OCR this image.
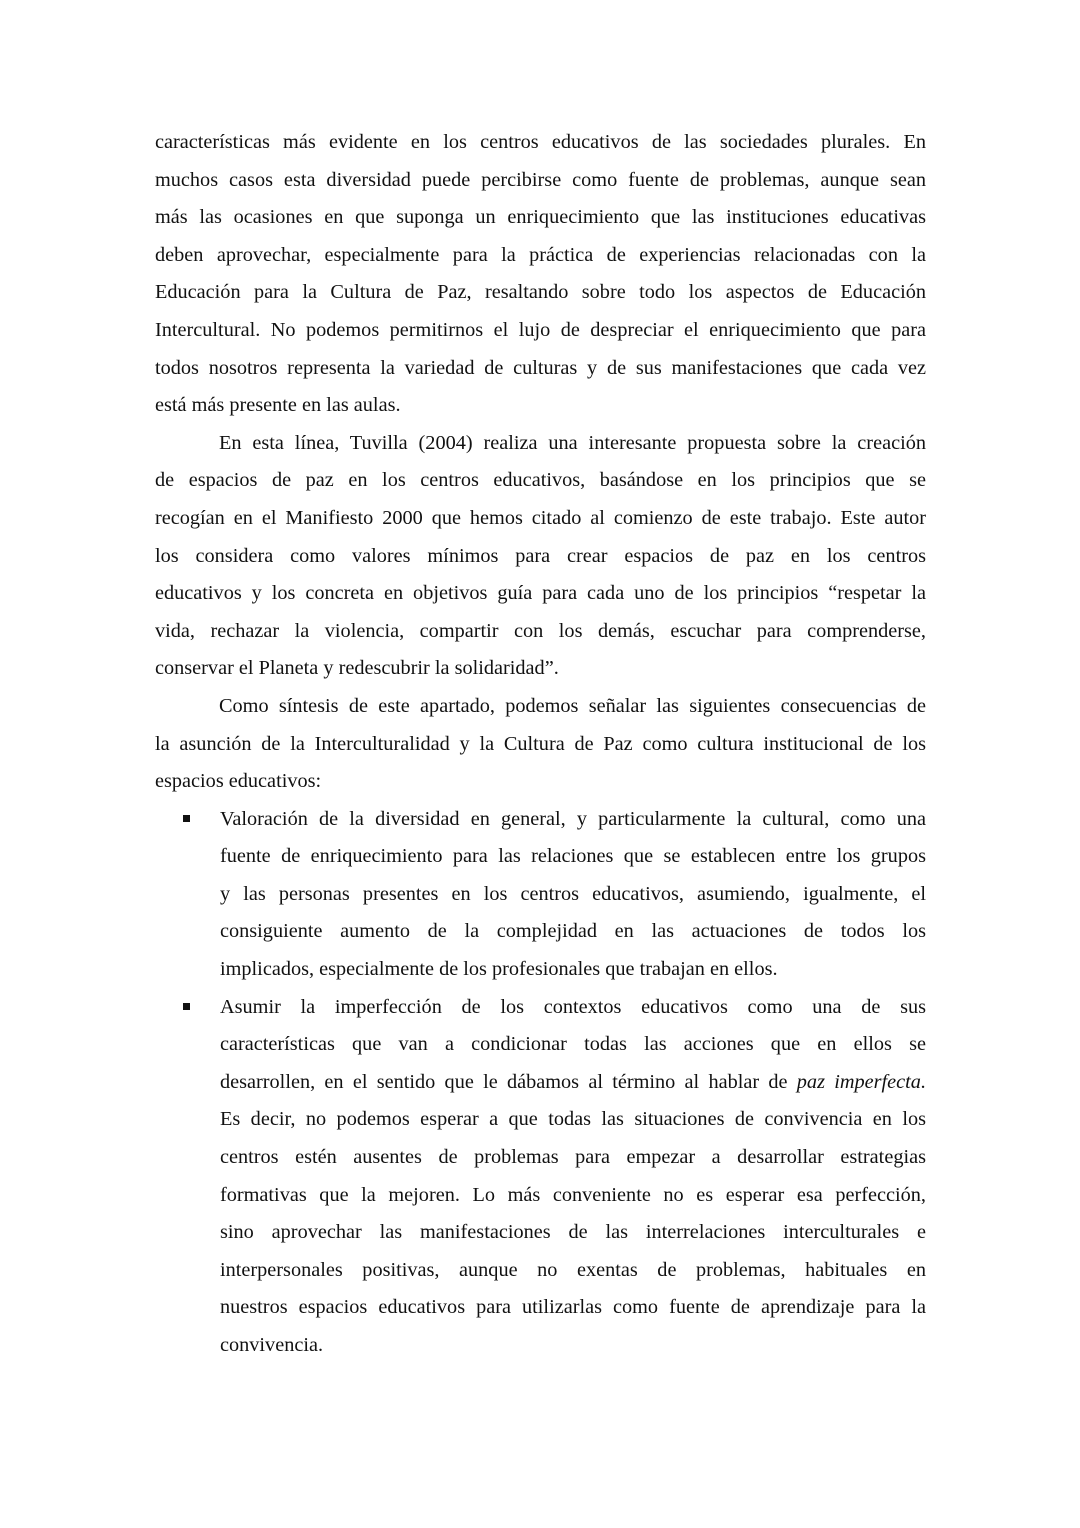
características más evidente en los centros educativos de las sociedades plurales. En
muchos casos esta diversidad puede percibirse como fuente de problemas, aunque sean
más las ocasiones en que suponga un enriquecimiento que las instituciones educativas
deben aprovechar, especialmente para la práctica de experiencias relacionadas con la
Educación para la Cultura de Paz, resaltando sobre todo los aspectos de Educación
Intercultural. No podemos permitirnos el lujo de despreciar el enriquecimiento que para
todos nosotros representa la variedad de culturas y de sus manifestaciones que cada vez
está más presente en las aulas.
En esta línea, Tuvilla (2004) realiza una interesante propuesta sobre la creación
de espacios de paz en los centros educativos, basándose en los principios que se
recogían en el Manifiesto 2000 que hemos citado al comienzo de este trabajo. Este autor
los considera como valores mínimos para crear espacios de paz en los centros
educativos y los concreta en objetivos guía para cada uno de los principios “respetar la
vida, rechazar la violencia, compartir con los demás, escuchar para comprenderse,
conservar el Planeta y redescubrir la solidaridad”.
Como síntesis de este apartado, podemos señalar las siguientes consecuencias de
la asunción de la Interculturalidad y la Cultura de Paz como cultura institucional de los
espacios educativos:
Valoración de la diversidad en general, y particularmente la cultural, como una
fuente de enriquecimiento para las relaciones que se establecen entre los grupos
y las personas presentes en los centros educativos, asumiendo, igualmente, el
consiguiente aumento de la complejidad en las actuaciones de todos los
implicados, especialmente de los profesionales que trabajan en ellos.
Asumir la imperfección de los contextos educativos como una de sus
características que van a condicionar todas las acciones que en ellos se
desarrollen, en el sentido que le dábamos al término al hablar de paz imperfecta.
Es decir, no podemos esperar a que todas las situaciones de convivencia en los
centros estén ausentes de problemas para empezar a desarrollar estrategias
formativas que la mejoren. Lo más conveniente no es esperar esa perfección,
sino aprovechar las manifestaciones de las interrelaciones interculturales e
interpersonales positivas, aunque no exentas de problemas, habituales en
nuestros espacios educativos para utilizarlas como fuente de aprendizaje para la
convivencia.
